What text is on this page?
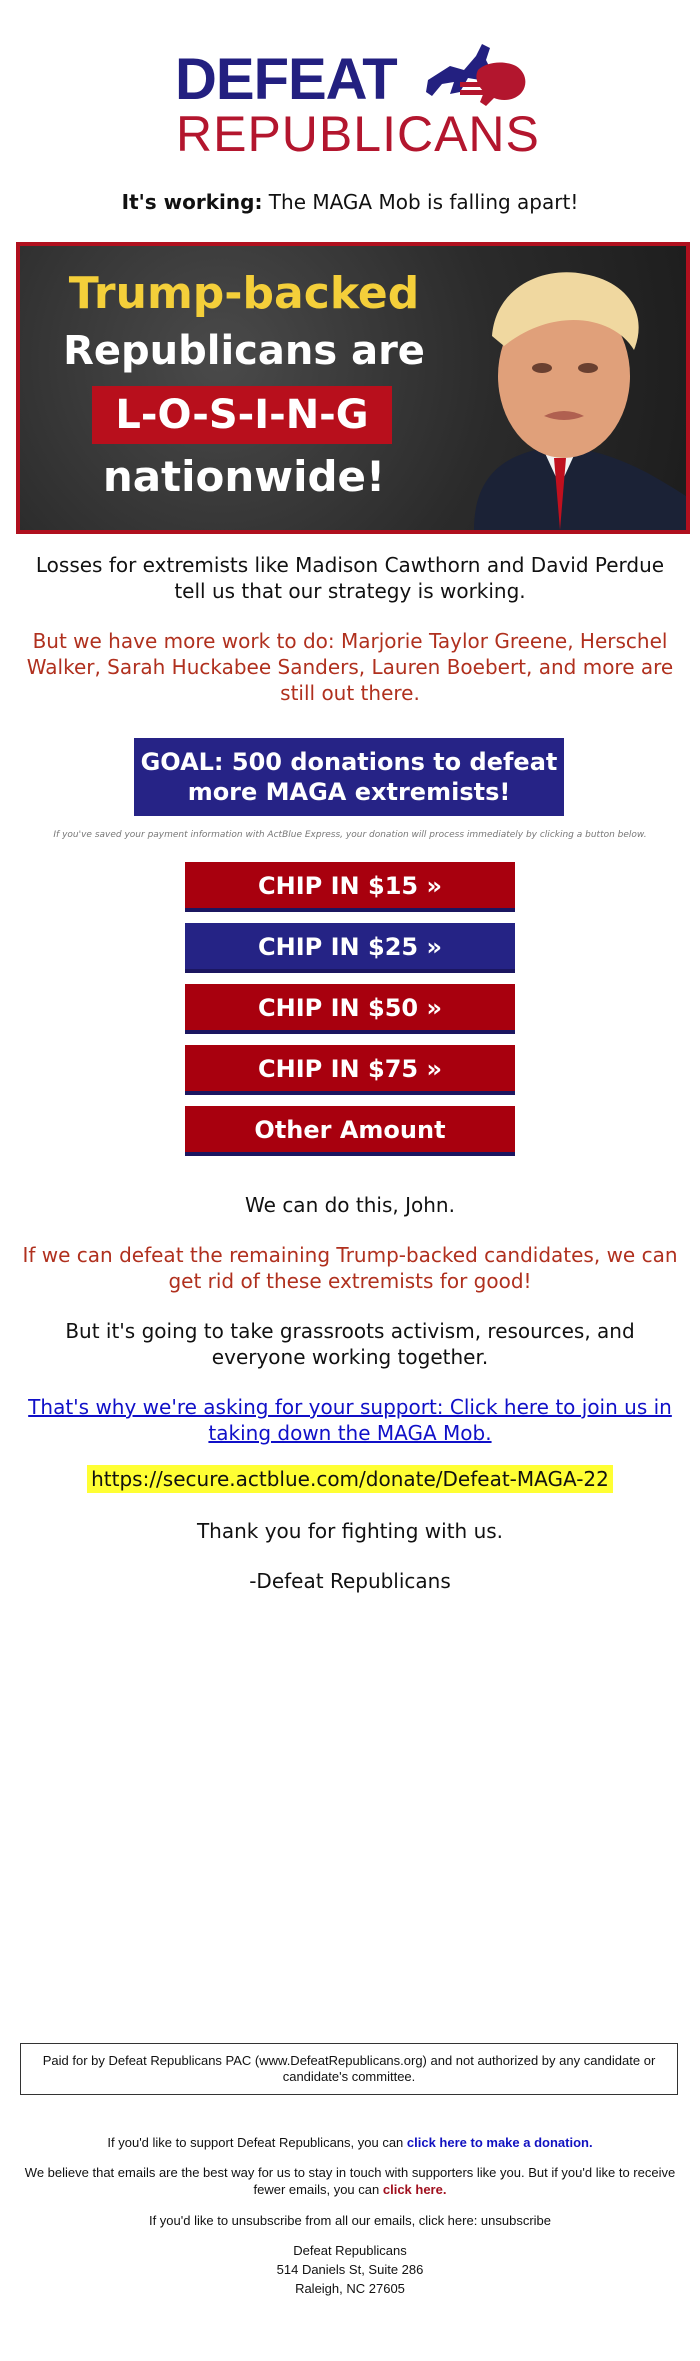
DEFEAT
REPUBLICANS
It's working: The MAGA Mob is falling apart!
Trump-backed
Republicans are
L-O-S-I-N-G
nationwide!
Losses for extremists like Madison Cawthorn and David Perdue tell us that our strategy is working.
But we have more work to do: Marjorie Taylor Greene, Herschel Walker, Sarah Huckabee Sanders, Lauren Boebert, and more are still out there.
GOAL: 500 donations to defeat more MAGA extremists!
If you've saved your payment information with ActBlue Express, your donation will process immediately by clicking a button below.
CHIP IN $15 »
CHIP IN $25 »
CHIP IN $50 »
CHIP IN $75 »
Other Amount
We can do this, John.
If we can defeat the remaining Trump-backed candidates, we can get rid of these extremists for good!
But it's going to take grassroots activism, resources, and everyone working together.
That's why we're asking for your support: Click here to join us in taking down the MAGA Mob.
https://secure.actblue.com/donate/Defeat-MAGA-22
Thank you for fighting with us.
-Defeat Republicans
Paid for by Defeat Republicans PAC (www.DefeatRepublicans.org) and not authorized by any candidate or candidate's committee.
If you'd like to support Defeat Republicans, you can click here to make a donation.
We believe that emails are the best way for us to stay in touch with supporters like you. But if you'd like to receive fewer emails, you can click here.
If you'd like to unsubscribe from all our emails, click here: unsubscribe
Defeat Republicans
514 Daniels St, Suite 286
Raleigh, NC 27605
